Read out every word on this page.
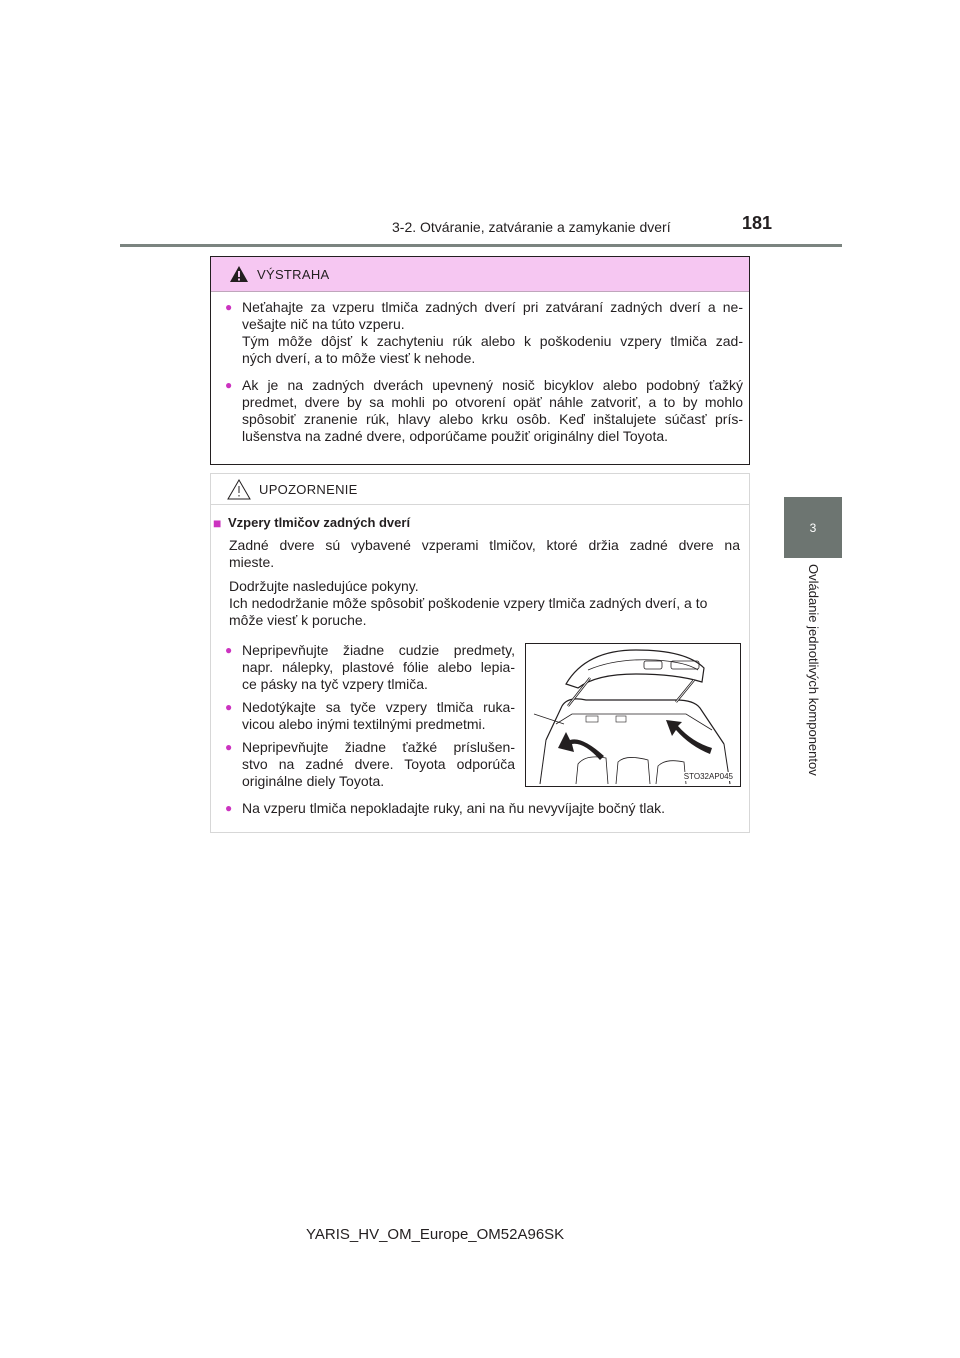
3-2. Otváranie, zatváranie a zamykanie dverí	181
3
Ovládanie jednotlivých komponentov
VÝSTRAHA
● Neťahajte za vzperu tlmiča zadných dverí pri zatváraní zadných dverí a ne-
vešajte nič na túto vzperu.
Tým môže dôjsť k zachyteniu rúk alebo k poškodeniu vzpery tlmiča zad-
ných dverí, a to môže viesť k nehode.
● Ak je na zadných dverách upevnený nosič bicyklov alebo podobný ťažký
predmet, dvere by sa mohli po otvorení opäť náhle zatvoriť, a to by mohlo
spôsobiť zranenie rúk, hlavy alebo krku osôb. Keď inštalujete súčasť prís-
lušenstva na zadné dvere, odporúčame použiť originálny diel Toyota.
UPOZORNENIE
■ Vzpery tlmičov zadných dverí
Zadné dvere sú vybavené vzperami tlmičov, ktoré držia zadné dvere na
mieste.
Dodržujte nasledujúce pokyny.
Ich nedodržanie môže spôsobiť poškodenie vzpery tlmiča zadných dverí, a to
môže viesť k poruche.
● Nepripevňujte žiadne cudzie predmety,
napr. nálepky, plastové fólie alebo lepia-
ce pásky na tyč vzpery tlmiča.
● Nedotýkajte sa tyče vzpery tlmiča ruka-
vicou alebo inými textilnými predmetmi.
● Nepripevňujte žiadne ťažké príslušen-
stvo na zadné dvere. Toyota odporúča
originálne diely Toyota.
● Na vzperu tlmiča nepokladajte ruky, ani na ňu nevyvíjajte bočný tlak.
STO32AP045
YARIS_HV_OM_Europe_OM52A96SK
